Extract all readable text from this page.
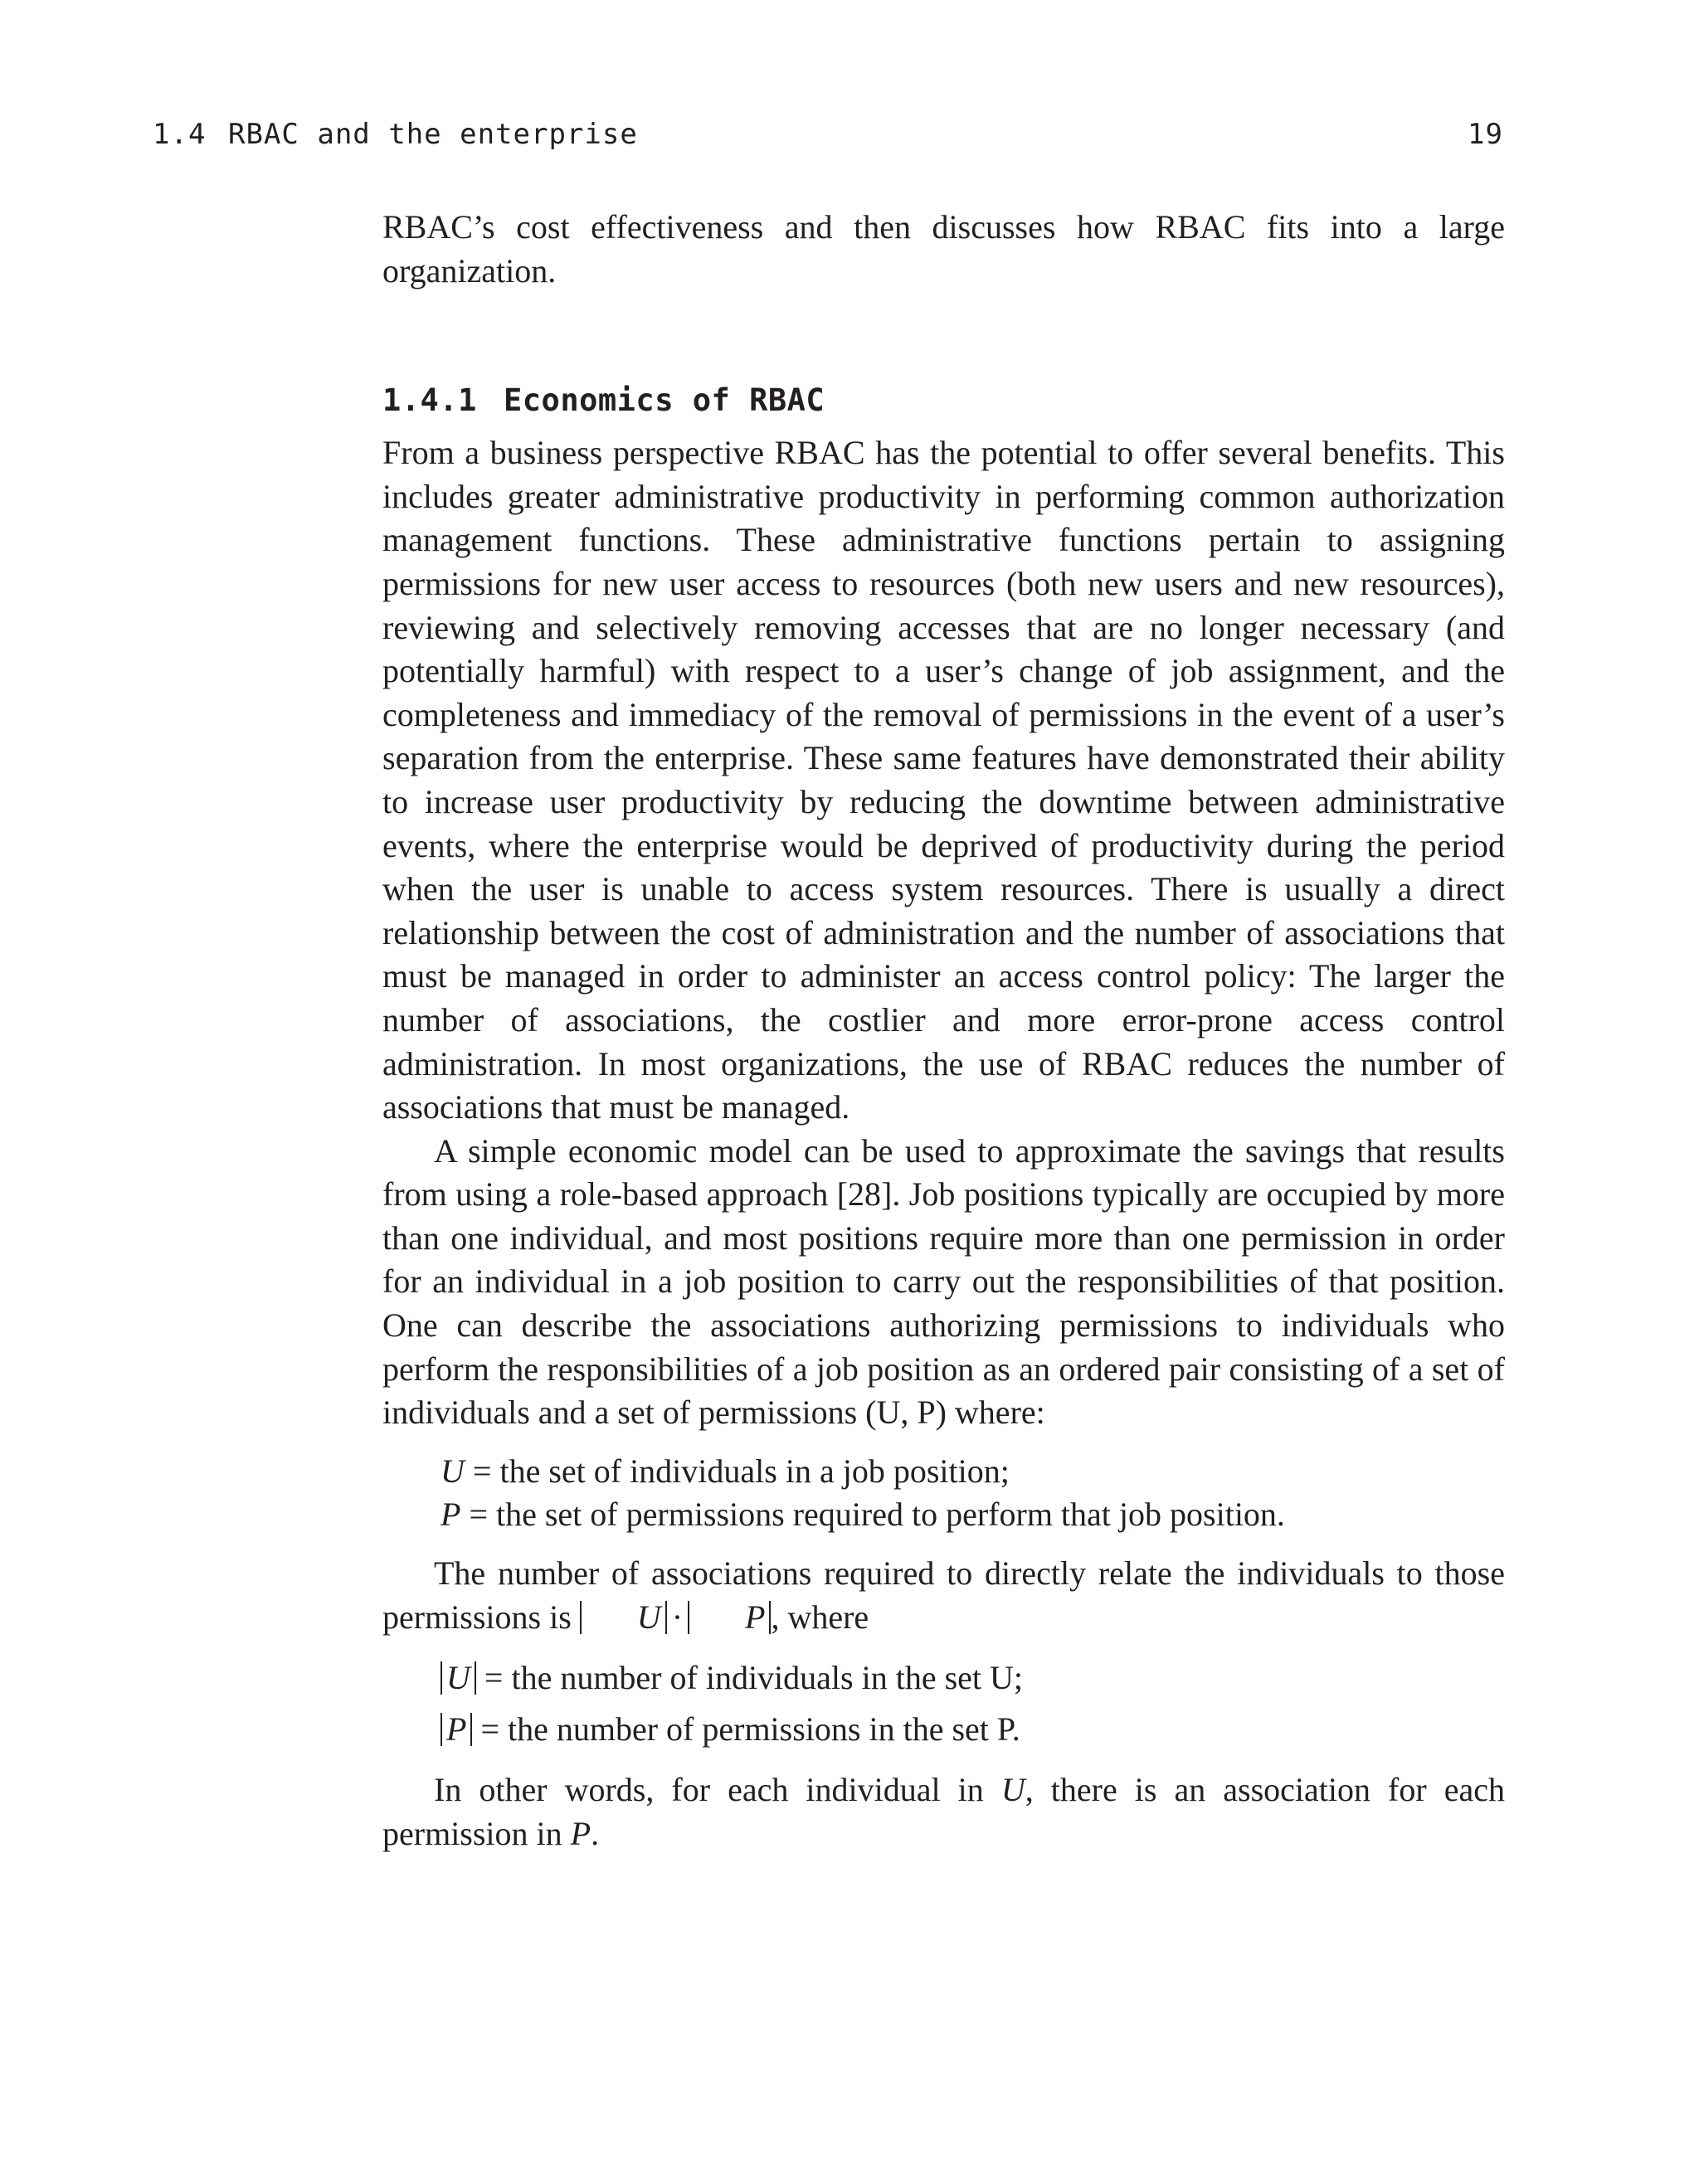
1.4 RBAC and the enterprise	19

RBAC’s cost effectiveness and then discusses how RBAC fits into a large organization.

1.4.1 Economics of RBAC

From a business perspective RBAC has the potential to offer several benefits. This includes greater administrative productivity in performing common authorization management functions. These administrative functions pertain to assigning permissions for new user access to resources (both new users and new resources), reviewing and selectively removing accesses that are no longer necessary (and potentially harmful) with respect to a user’s change of job assignment, and the completeness and immediacy of the removal of permissions in the event of a user’s separation from the enterprise. These same features have demonstrated their ability to increase user productivity by reducing the downtime between administrative events, where the enterprise would be deprived of productivity during the period when the user is unable to access system resources. There is usually a direct relationship between the cost of administration and the number of associations that must be managed in order to administer an access control policy: The larger the number of associations, the costlier and more error-prone access control administration. In most organizations, the use of RBAC reduces the number of associations that must be managed.

A simple economic model can be used to approximate the savings that results from using a role-based approach [28]. Job positions typically are occupied by more than one individual, and most positions require more than one permission in order for an individual in a job position to carry out the responsibilities of that position. One can describe the associations authorizing permissions to individuals who perform the responsibilities of a job position as an ordered pair consisting of a set of individuals and a set of permissions (U, P) where:

U = the set of individuals in a job position;
P = the set of permissions required to perform that job position.

The number of associations required to directly relate the individuals to those permissions is U · P , where

U = the number of individuals in the set U;
P = the number of permissions in the set P.

In other words, for each individual in U, there is an association for each permission in P.
